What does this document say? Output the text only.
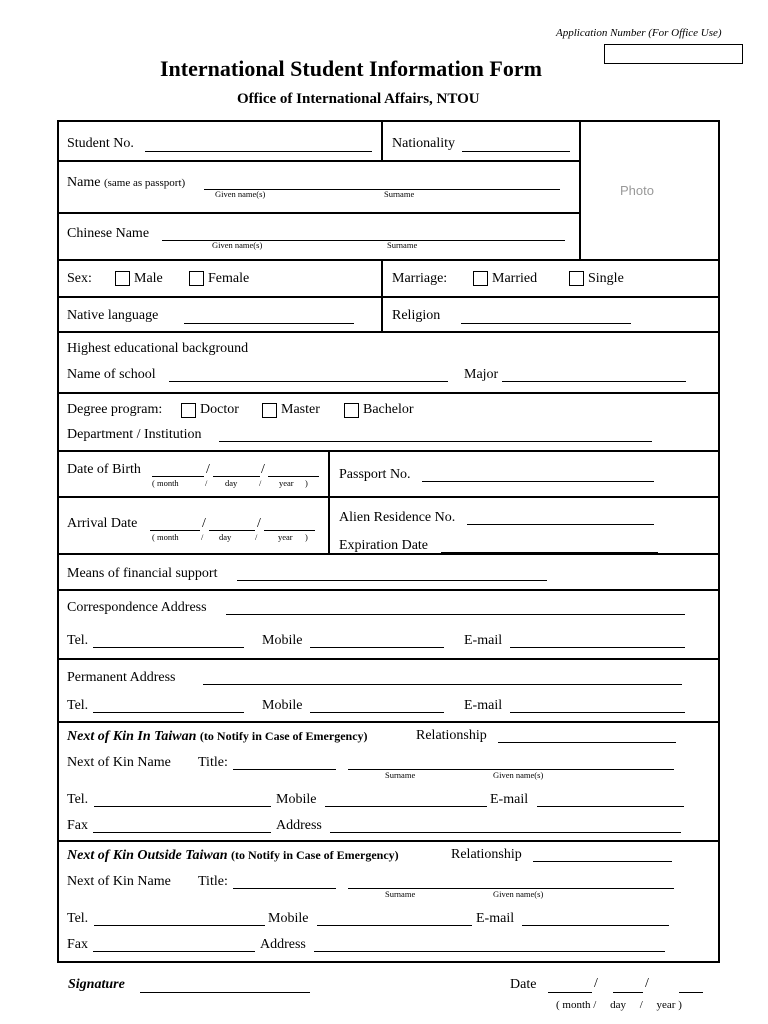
Application Number (For Office Use)
International Student Information Form
Office of International Affairs, NTOU
Student No.	Nationality
Photo
Name (same as passport)
Given name(s)	Surname
Chinese Name
Given name(s)	Surname
Sex:	Male	Female	Marriage:	Married	Single
Native language	Religion
Highest educational background
Name of school	Major
Degree program:	Doctor	Master	Bachelor
Department / Institution
Date of Birth	/	/
( month	/ day	/ year )
Passport No.
Arrival Date	/	/
( month	/ day	/ year )
Alien Residence No.
Expiration Date
Means of financial support
Correspondence Address
Tel.	Mobile	E-mail
Permanent Address
Tel.	Mobile	E-mail
Next of Kin In Taiwan (to Notify in Case of Emergency)	Relationship
Next of Kin Name Title:
Surname	Given name(s)
Tel.	Mobile	E-mail
Fax	Address
Next of Kin Outside Taiwan (to Notify in Case of Emergency)	Relationship
Next of Kin Name Title:
Surname	Given name(s)
Tel.	Mobile	E-mail
Fax	Address
Signature	Date	/	/
( month /     day     /     year )
